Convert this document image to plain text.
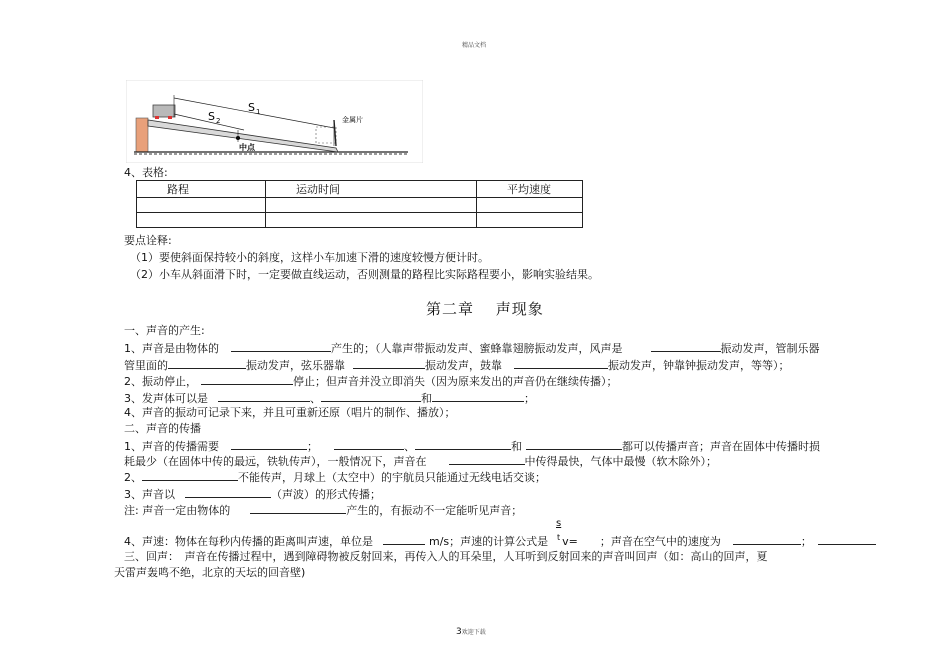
精品文档
S 1
S 2	金属片
中点
4、表格:
路程	运动时间	平均速度

要点诠释:
（1）要使斜面保持较小的斜度，这样小车加速下滑的速度较慢方便计时。
（2）小车从斜面滑下时，一定要做直线运动，否则测量的路程比实际路程要小，影响实验结果。
第二章　 声现象
一、声音的产生:
1、声音是由物体的	产生的；（人靠声带振动发声、蜜蜂靠翅膀振动发声，风声是	振动发声，管制乐器
管里面的	振动发声，弦乐器靠	振动发声，鼓靠	振动发声，钟靠钟振动发声，等等）；
2、振动停止，	停止；但声音并没立即消失（因为原来发出的声音仍在继续传播）；
3、发声体可以是	、	和	；
4、声音的振动可记录下来，并且可重新还原（唱片的制作、播放）；
二、声音的传播
1、声音的传播需要	；	、	和	都可以传播声音；声音在固体中传播时损
耗最少（在固体中传的最远，铁轨传声），一般情况下，声音在	中传得最快，气体中最慢（软木除外）；
2、	不能传声，月球上（太空中）的宇航员只能通过无线电话交谈；
3、声音以	（声波）的形式传播；
注: 声音一定由物体的	产生的，有振动不一定能听见声音；
s
t
4、声速：物体在每秒内传播的距离叫声速，单位是	m/s；声速的计算公式是 v= ；声音在空气中的速度为	；
三、回声：　声音在传播过程中，遇到障碍物被反射回来，再传入人的耳朵里，人耳听到反射回来的声音叫回声（如：高山的回声，夏
天雷声轰鸣不绝，北京的天坛的回音壁)
3欢迎下载
